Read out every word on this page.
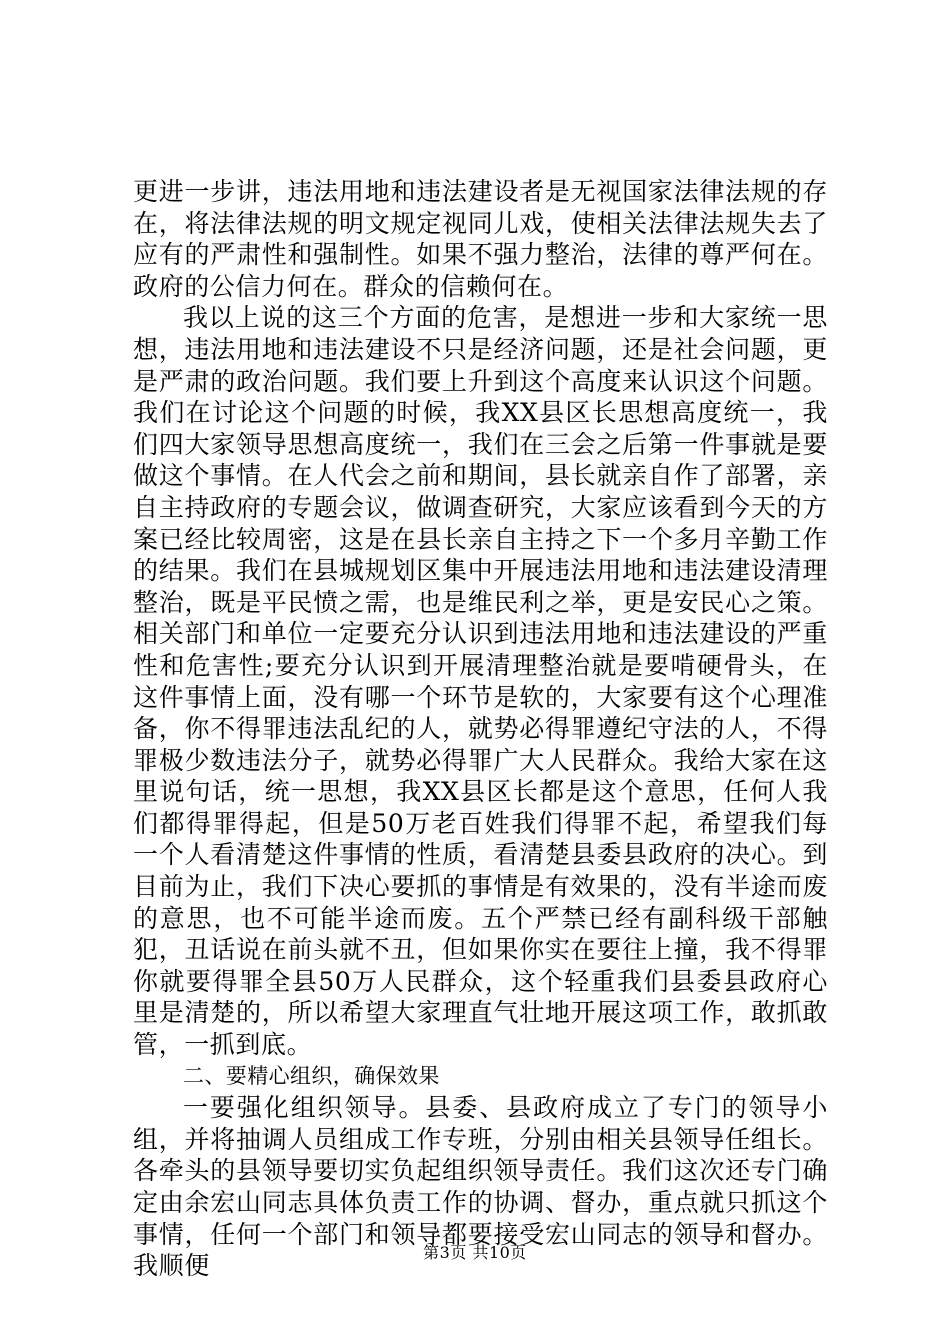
更进一步讲，违法用地和违法建设者是无视国家法律法规的存在，将法律法规的明文规定视同儿戏，使相关法律法规失去了应有的严肃性和强制性。如果不强力整治，法律的尊严何在。政府的公信力何在。群众的信赖何在。

我以上说的这三个方面的危害，是想进一步和大家统一思想，违法用地和违法建设不只是经济问题，还是社会问题，更是严肃的政治问题。我们要上升到这个高度来认识这个问题。我们在讨论这个问题的时候，我XX县区长思想高度统一，我们四大家领导思想高度统一，我们在三会之后第一件事就是要做这个事情。在人代会之前和期间，县长就亲自作了部署，亲自主持政府的专题会议，做调查研究，大家应该看到今天的方案已经比较周密，这是在县长亲自主持之下一个多月辛勤工作的结果。我们在县城规划区集中开展违法用地和违法建设清理整治，既是平民愤之需，也是维民利之举，更是安民心之策。相关部门和单位一定要充分认识到违法用地和违法建设的严重性和危害性;要充分认识到开展清理整治就是要啃硬骨头，在这件事情上面，没有哪一个环节是软的，大家要有这个心理准备，你不得罪违法乱纪的人，就势必得罪遵纪守法的人，不得罪极少数违法分子，就势必得罪广大人民群众。我给大家在这里说句话，统一思想，我XX县区长都是这个意思，任何人我们都得罪得起，但是50万老百姓我们得罪不起，希望我们每一个人看清楚这件事情的性质，看清楚县委县政府的决心。到目前为止，我们下决心要抓的事情是有效果的，没有半途而废的意思，也不可能半途而废。五个严禁已经有副科级干部触犯，丑话说在前头就不丑，但如果你实在要往上撞，我不得罪你就要得罪全县50万人民群众，这个轻重我们县委县政府心里是清楚的，所以希望大家理直气壮地开展这项工作，敢抓敢管，一抓到底。

二、要精心组织，确保效果

一要强化组织领导。县委、县政府成立了专门的领导小组，并将抽调人员组成工作专班，分别由相关县领导任组长。各牵头的县领导要切实负起组织领导责任。我们这次还专门确定由余宏山同志具体负责工作的协调、督办，重点就只抓这个事情，任何一个部门和领导都要接受宏山同志的领导和督办。我顺便	第3页 共10页
